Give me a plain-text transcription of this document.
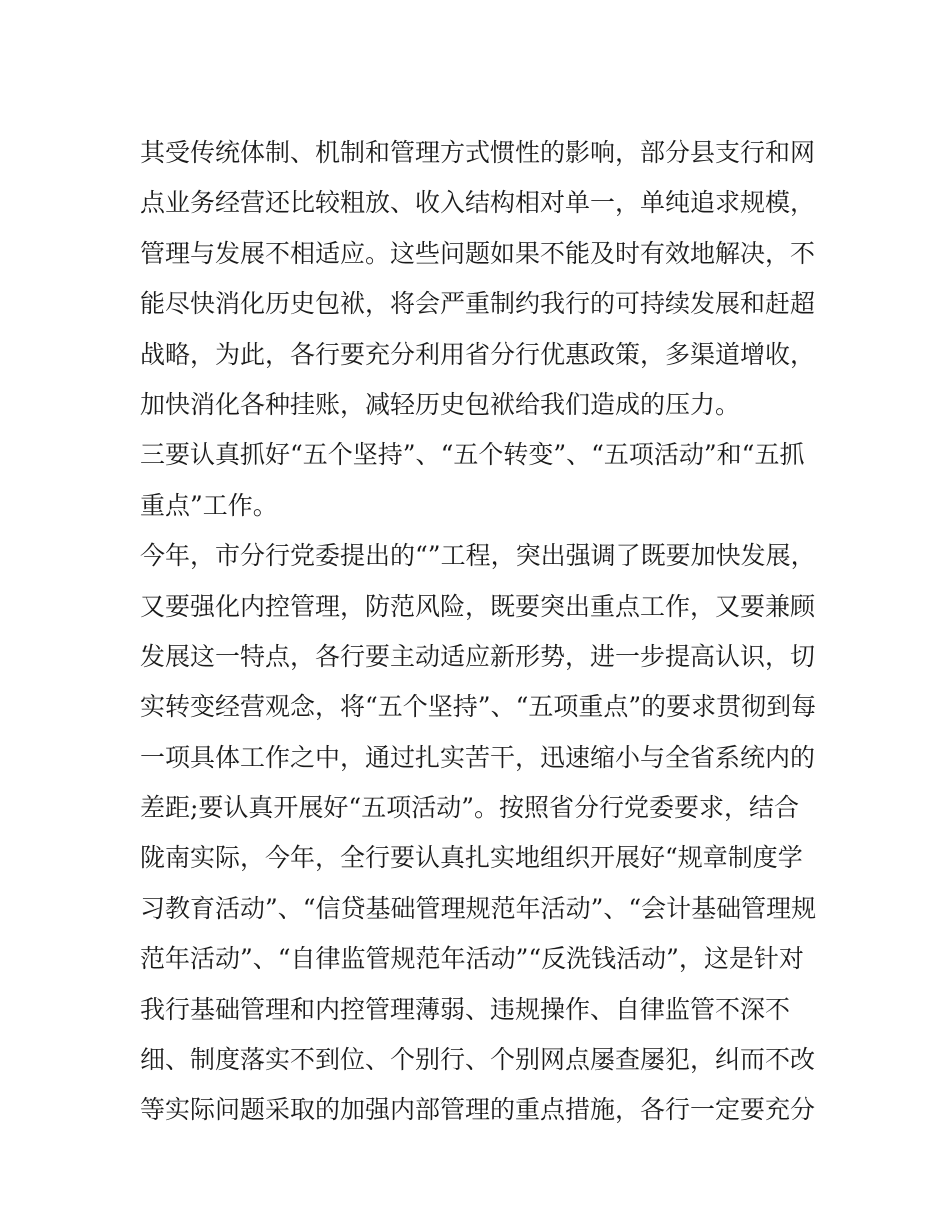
其受传统体制、机制和管理方式惯性的影响，部分县支行和网
点业务经营还比较粗放、收入结构相对单一，单纯追求规模，
管理与发展不相适应。这些问题如果不能及时有效地解决，不
能尽快消化历史包袱，将会严重制约我行的可持续发展和赶超
战略，为此，各行要充分利用省分行优惠政策，多渠道增收，
加快消化各种挂账，减轻历史包袱给我们造成的压力。
三要认真抓好“五个坚持”、“五个转变”、“五项活动”和“五抓
重点”工作。
今年，市分行党委提出的“”工程，突出强调了既要加快发展，
又要强化内控管理，防范风险，既要突出重点工作，又要兼顾
发展这一特点，各行要主动适应新形势，进一步提高认识，切
实转变经营观念，将“五个坚持”、“五项重点”的要求贯彻到每
一项具体工作之中，通过扎实苦干，迅速缩小与全省系统内的
差距;要认真开展好“五项活动”。按照省分行党委要求，结合
陇南实际，今年，全行要认真扎实地组织开展好“规章制度学
习教育活动”、“信贷基础管理规范年活动”、“会计基础管理规
范年活动”、“自律监管规范年活动”“反洗钱活动”，这是针对
我行基础管理和内控管理薄弱、违规操作、自律监管不深不
细、制度落实不到位、个别行、个别网点屡查屡犯，纠而不改
等实际问题采取的加强内部管理的重点措施，各行一定要充分
